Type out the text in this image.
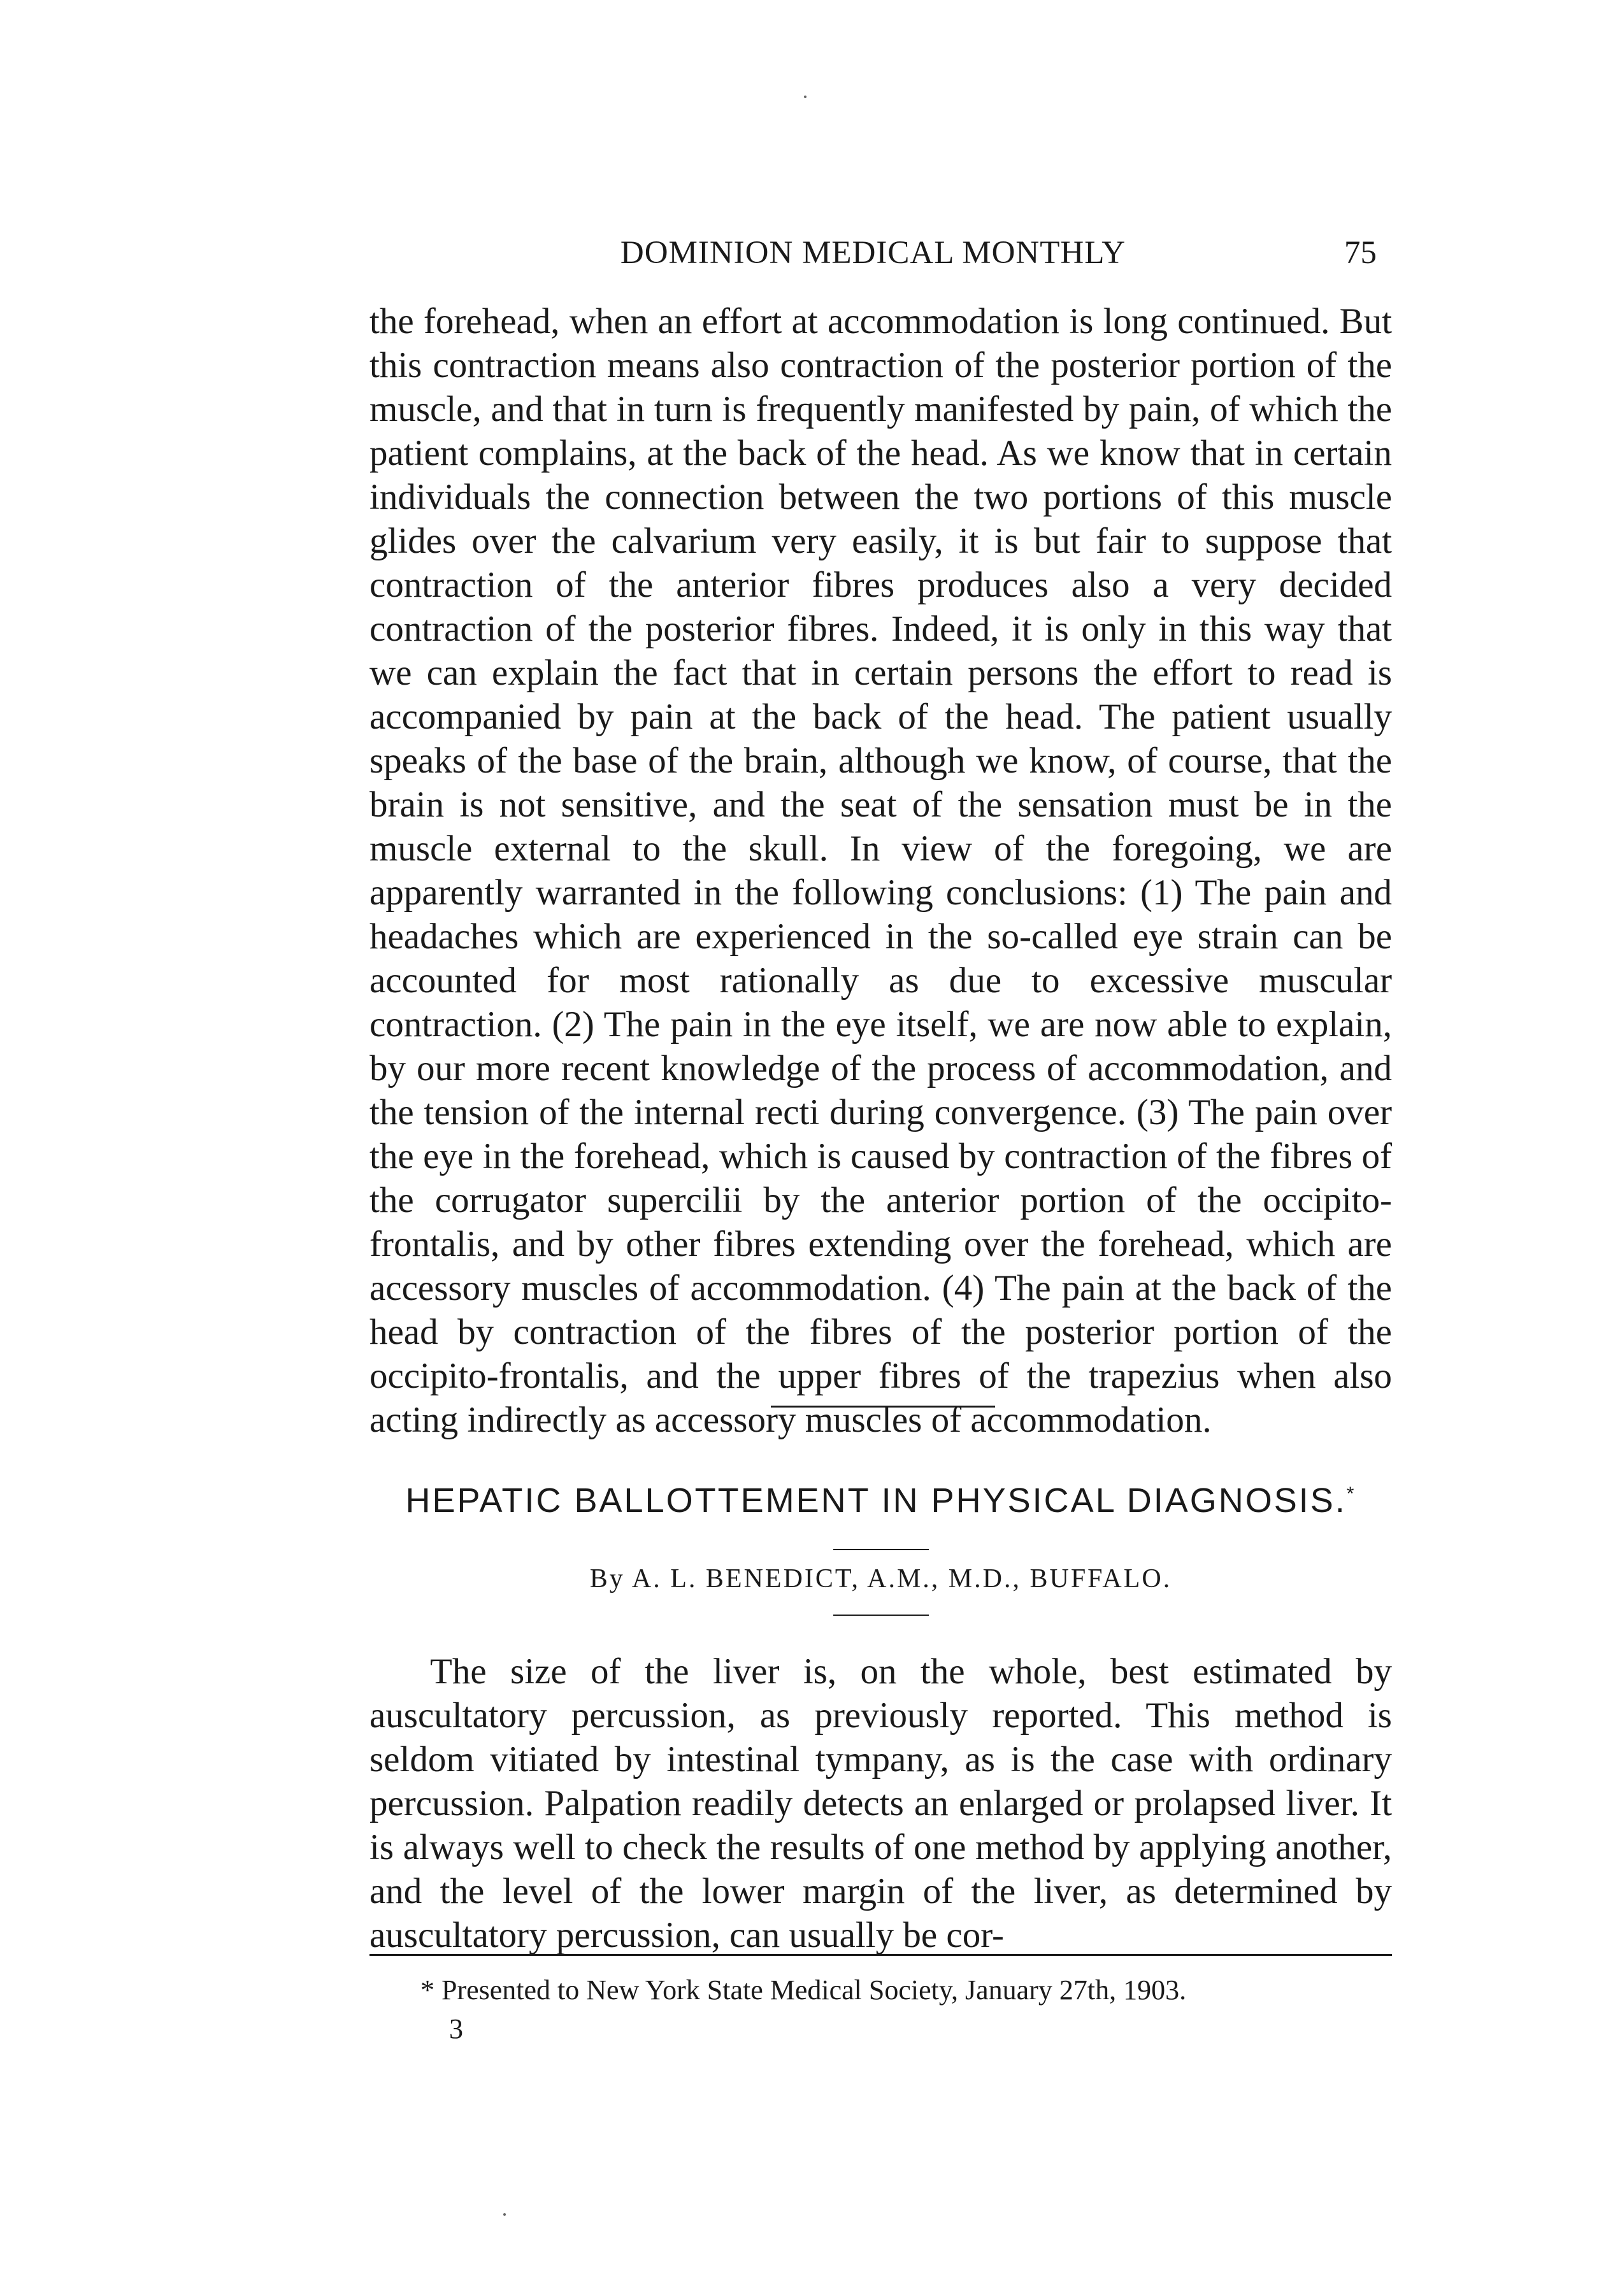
DOMINION MEDICAL MONTHLY	75

the forehead, when an effort at accommodation is long continued. But this contraction means also contraction of the posterior portion of the muscle, and that in turn is frequently manifested by pain, of which the patient complains, at the back of the head. As we know that in certain individuals the connection between the two portions of this muscle glides over the calvarium very easily, it is but fair to suppose that contraction of the anterior fibres produces also a very decided contraction of the posterior fibres. Indeed, it is only in this way that we can explain the fact that in certain persons the effort to read is accompanied by pain at the back of the head. The patient usually speaks of the base of the brain, although we know, of course, that the brain is not sensitive, and the seat of the sensation must be in the muscle external to the skull. In view of the foregoing, we are apparently warranted in the following conclusions: (1) The pain and headaches which are experienced in the so-called eye strain can be accounted for most rationally as due to excessive muscular contraction. (2) The pain in the eye itself, we are now able to explain, by our more recent knowledge of the process of accommodation, and the tension of the internal recti during convergence. (3) The pain over the eye in the forehead, which is caused by contraction of the fibres of the corrugator supercilii by the anterior portion of the occipito-frontalis, and by other fibres extending over the forehead, which are accessory muscles of accommodation. (4) The pain at the back of the head by contraction of the fibres of the posterior portion of the occipito-frontalis, and the upper fibres of the trapezius when also acting indirectly as accessory muscles of accommodation.

HEPATIC BALLOTTEMENT IN PHYSICAL DIAGNOSIS.*
By A. L. BENEDICT, A.M., M.D., BUFFALO.

The size of the liver is, on the whole, best estimated by auscultatory percussion, as previously reported. This method is seldom vitiated by intestinal tympany, as is the case with ordinary percussion. Palpation readily detects an enlarged or prolapsed liver. It is always well to check the results of one method by applying another, and the level of the lower margin of the liver, as determined by auscultatory percussion, can usually be cor-

* Presented to New York State Medical Society, January 27th, 1903.
3
